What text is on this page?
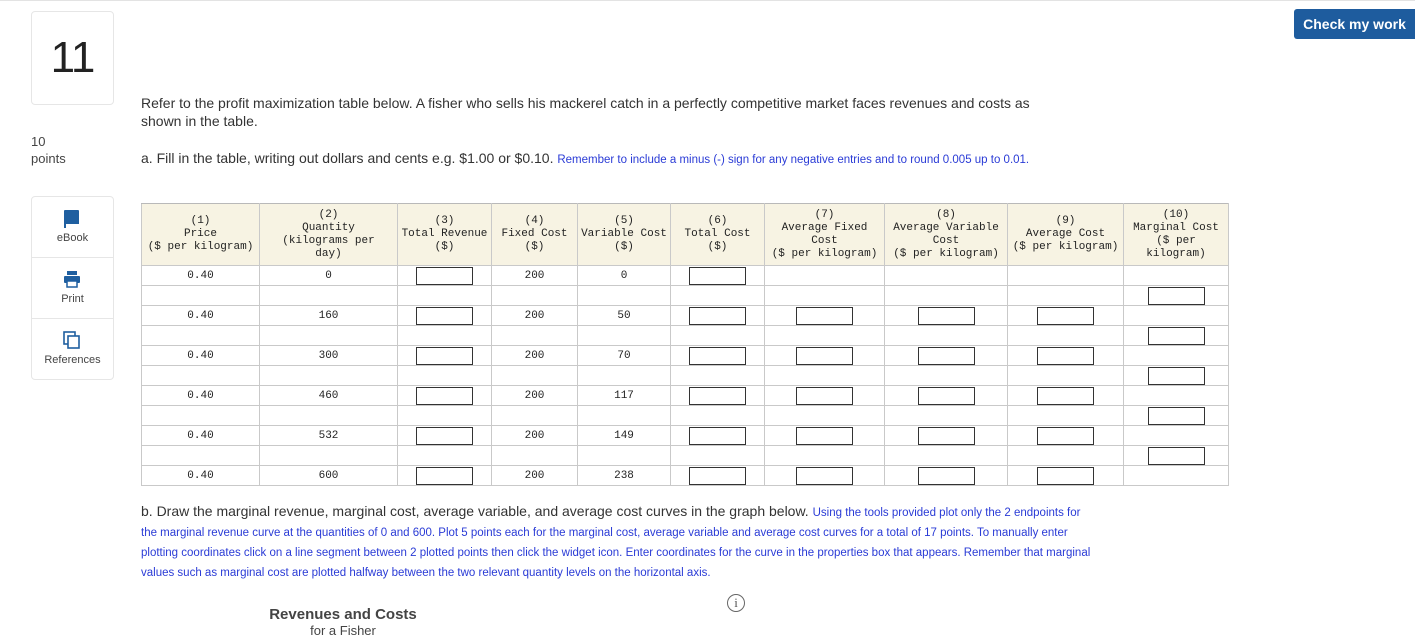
Check my work
11
10
points
eBook
Print
References
Refer to the profit maximization table below. A fisher who sells his mackerel catch in a perfectly competitive market faces revenues and costs as shown in the table.
a. Fill in the table, writing out dollars and cents e.g. $1.00 or $0.10. Remember to include a minus (-) sign for any negative entries and to round 0.005 up to 0.01.
(1)
Price
($ per kilogram)	(2)
Quantity
(kilograms per
day)	(3)
Total Revenue
($)	(4)
Fixed Cost
($)	(5)
Variable Cost
($)	(6)
Total Cost
($)	(7)
Average Fixed
Cost
($ per kilogram)	(8)
Average Variable
Cost
($ per kilogram)	(9)
Average Cost
($ per kilogram)	(10)
Marginal Cost
($ per
kilogram)
0.40	0		200	0					

0.40	160		200	50					

0.40	300		200	70					

0.40	460		200	117					

0.40	532		200	149					

0.40	600		200	238					
b. Draw the marginal revenue, marginal cost, average variable, and average cost curves in the graph below. Using the tools provided plot only the 2 endpoints for the marginal revenue curve at the quantities of 0 and 600. Plot 5 points each for the marginal cost, average variable and average cost curves for a total of 17 points. To manually enter plotting coordinates click on a line segment between 2 plotted points then click the widget icon. Enter coordinates for the curve in the properties box that appears. Remember that marginal values such as marginal cost are plotted halfway between the two relevant quantity levels on the horizontal axis.
i
Revenues and Costs
for a Fisher
